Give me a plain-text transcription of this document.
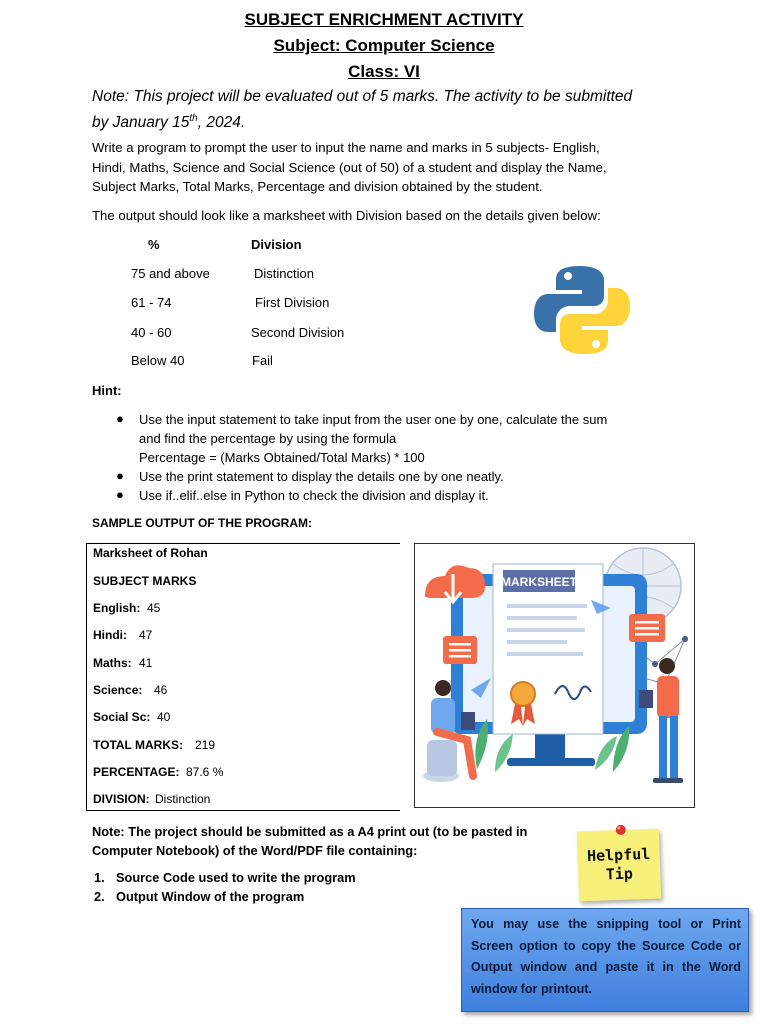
SUBJECT ENRICHMENT ACTIVITY
Subject: Computer Science
Class: VI
Note: This project will be evaluated out of 5 marks. The activity to be submitted
by January 15th, 2024.
Write a program to prompt the user to input the name and marks in 5 subjects- English,
Hindi, Maths, Science and Social Science (out of 50) of a student and display the Name,
Subject Marks, Total Marks, Percentage and division obtained by the student.
The output should look like a marksheet with Division based on the details given below:
%	Division
75 and above	Distinction
61 - 74	First Division
40 - 60	Second Division
Below 40	Fail
Hint:
● Use the input statement to take input from the user one by one, calculate the sum
and find the percentage by using the formula
Percentage = (Marks Obtained/Total Marks) * 100
● Use the print statement to display the details one by one neatly.
● Use if..elif..else in Python to check the division and display it.
SAMPLE OUTPUT OF THE PROGRAM:
Marksheet of Rohan
SUBJECT MARKS
English: 45
Hindi: 47
Maths: 41
Science: 46
Social Sc: 40
TOTAL MARKS: 219
PERCENTAGE: 87.6 %
DIVISION: Distinction
MARKSHEET
Note: The project should be submitted as a A4 print out (to be pasted in
Computer Notebook) of the Word/PDF file containing:
1. Source Code used to write the program
2. Output Window of the program
Helpful
Tip
You may use the snipping tool or Print Screen option to copy the Source Code or Output window and paste it in the Word window for printout.
